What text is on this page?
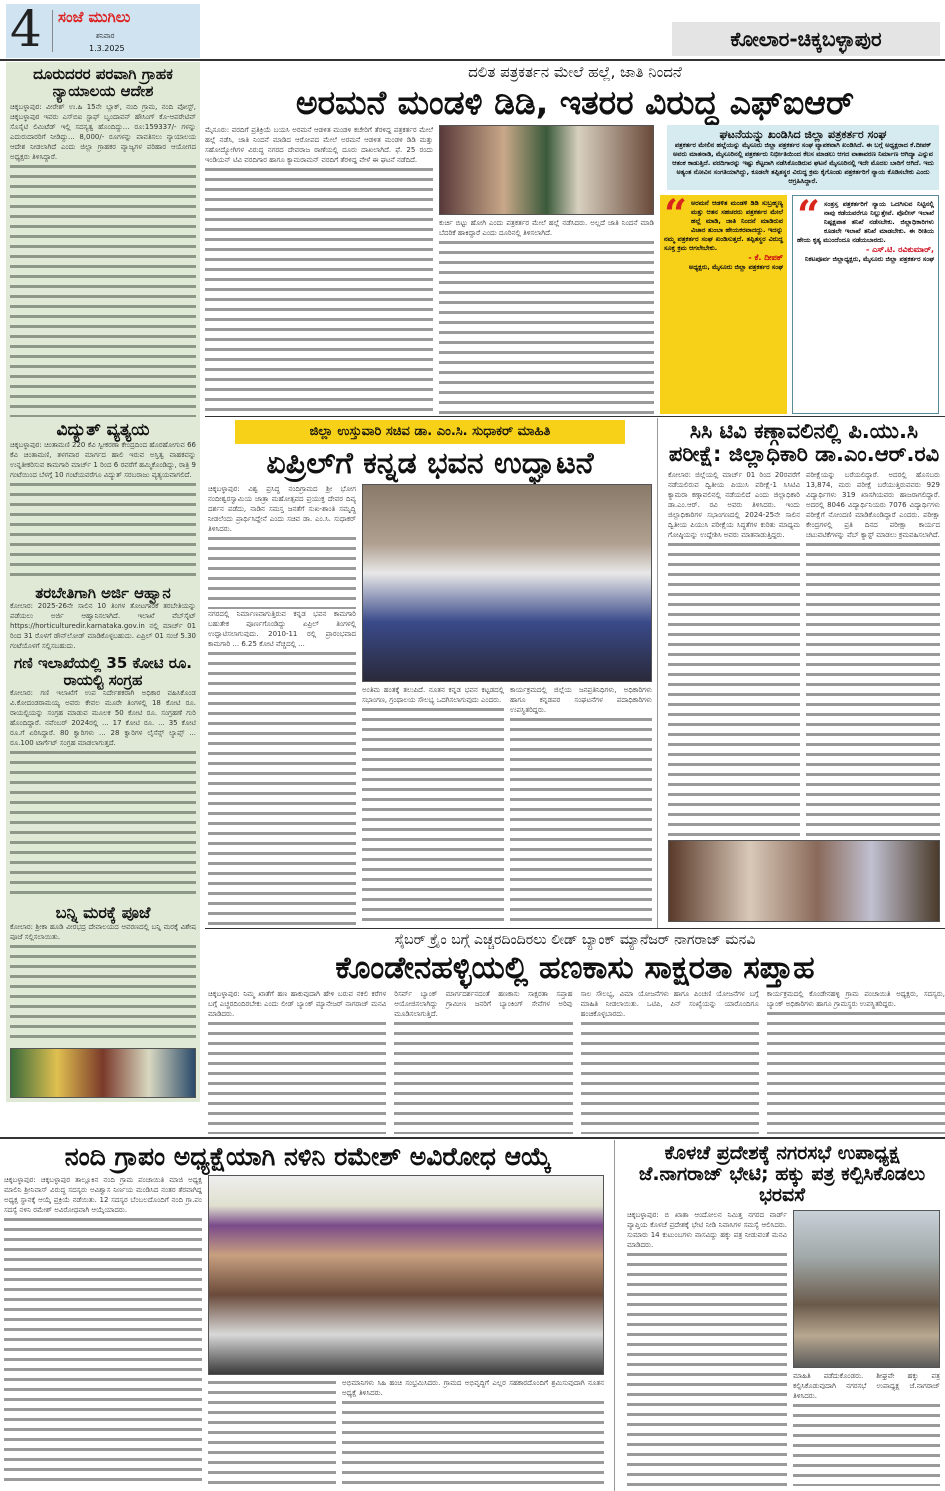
4 ಸಂಜೆ ಮುಗಿಲು
ಶನಿವಾರ
1.3.2025	ಕೋಲಾರ-ಚಿಕ್ಕಬಳ್ಳಾಪುರ
ದೂರುದರರ ಪರವಾಗಿ ಗ್ರಾಹಕ ನ್ಯಾಯಾಲಯ ಆದೇಶ
ಚಿಕ್ಕಬಳ್ಳಾಪುರ: ವೀರೇಶ್ ಉ.ಹಿ 15ನೇ ಬ್ಲಾಕ್, ನಂದಿ ಗ್ರಾಮ, ನಂದಿ ಪೋಸ್ಟ್, ಚಿಕ್ಕಬಳ್ಳಾಪುರ ಇವರು ಎಸ್‌ಬಿಐ ಸ್ಟಾಫ್ ಬೃಂದಾವನ್ ಹೌಸಿಂಗ್ ಕೊ-ಆಪರೇಟಿವ್ ಸೊಸೈಟಿ ಲಿಮಿಟೆಡ್ ಇಲ್ಲಿ ಸದಸ್ಯತ್ವ ಹೊಂದಿದ್ದು... ರೂ:159337/- ಗಳನ್ನು ಎದುರುದಾರರಿಗೆ ನೀಡಿದ್ದು... 8,000/- ರೂಗಳನ್ನು ಪಾವತಿಸಲು ನ್ಯಾಯಾಲಯ ಆದೇಶ ನೀಡಲಾಗಿದೆ ಎಂದು ಜಿಲ್ಲಾ ಗ್ರಾಹಕರ ವ್ಯಾಜ್ಯಗಳ ಪರಿಹಾರ ಆಯೋಗದ ಅಧ್ಯಕ್ಷರು ತಿಳಿಸಿದ್ದಾರೆ.
ವಿದ್ಯುತ್ ವ್ಯತ್ಯಯ
ಚಿಕ್ಕಬಳ್ಳಾಪುರ: ಚಿಂತಾಮಣಿ 220 ಕೆವಿ ಸ್ವೀಕರಣಾ ಕೇಂದ್ರದಿಂದ ಹೊರಹೋಗುವ 66 ಕೆವಿ ಚಿಂತಾಮಣಿ, ತಳಗವಾರ ಮಾರ್ಗದ ಹಾಲಿ ಇರುವ ಅಸ್ತಿತ್ವ ವಾಹಕವನ್ನು ಉನ್ನತೀಕರಿಸುವ ಕಾಮಗಾರಿ ಮಾರ್ಚ್ 1 ರಿಂದ 6 ರವರೆಗೆ ಹಮ್ಮಿಕೊಂಡಿದ್ದು, ರಾತ್ರಿ 9 ಗಂಟೆಯಿಂದ ಬೆಳಗ್ಗೆ 10 ಗಂಟೆಯವರೆಗೂ ವಿದ್ಯುತ್ ಸರಬರಾಜು ವ್ಯತ್ಯಯವಾಗಲಿದೆ.
ತರಬೇತಿಗಾಗಿ ಅರ್ಜಿ ಆಹ್ವಾನ
ಕೋಲಾರ: 2025-26ನೇ ಸಾಲಿನ 10 ತಿಂಗಳ ತೋಟಗಾರಿಕೆ ತರಬೇತಿಯನ್ನು ಪಡೆಯಲು ಅರ್ಜಿ ಆಹ್ವಾನಿಸಲಾಗಿದೆ. ಇಲಾಖೆ ವೆಬ್‌ಸೈಟ್ https://horticulturedir.karnataka.gov.in ನಲ್ಲಿ ಮಾರ್ಚ್ 01 ರಿಂದ 31 ರೊಳಗೆ ಡೌನ್‌ಲೋಡ್ ಮಾಡಿಕೊಳ್ಳಬಹುದು. ಏಪ್ರಿಲ್ 01 ಸಂಜೆ 5.30 ಗಂಟೆಯೊಳಗೆ ಸಲ್ಲಿಸಬಹುದು.
ಗಣಿ ಇಲಾಖೆಯಲ್ಲಿ 35 ಕೋಟಿ ರೂ. ರಾಯಲ್ಟಿ ಸಂಗ್ರಹ
ಕೋಲಾರ: ಗಣಿ ಇಲಾಖೆಗೆ ಉಪ ನಿರ್ದೇಶಕರಾಗಿ ಅಧಿಕಾರ ವಹಿಸಿಕೊಂಡ ವಿ.ಕೋದಂಡರಾಮಯ್ಯ ಅವರು ಕೇವಲ ಮೂರೇ ತಿಂಗಳಲ್ಲಿ 18 ಕೋಟಿ ರೂ. ರಾಯಲ್ಟಿಯನ್ನು ಸಂಗ್ರಹ ಮಾಡುವ ಮೂಲಕ 50 ಕೋಟಿ ರೂ. ಸಂಗ್ರಹಣೆ ಗುರಿ ಹೊಂದಿದ್ದಾರೆ. ನವೆಂಬರ್ 2024ರಲ್ಲಿ ... 17 ಕೋಟಿ ರೂ. ... 35 ಕೋಟಿ ರೂ.ಗೆ ಏರಿಸಿದ್ದಾರೆ. 80 ಕ್ವಾರಿಗಳು ... 28 ಕ್ವಾರಿಗಳ ಲೈಸೆನ್ಸ್ ಲ್ಯಾಪ್ಸ್ ... ರೂ.100 ಟಾರ್ಗೆಟ್ ಸಂಗ್ರಹ ಮಾಡಲಾಗುತ್ತದೆ.
ಬನ್ನಿ ಮರಕ್ಕೆ ಪೂಜೆ
ಕೋಲಾರ: ಶ್ರೀಕಾ ಹೂಡಿ ವೀರಭದ್ರ ದೇವಾಲಯದ ಆವರಣದಲ್ಲಿ ಬನ್ನಿ ಮರಕ್ಕೆ ವಿಶೇಷ ಪೂಜೆ ಸಲ್ಲಿಸಲಾಯಿತು.
ದಲಿತ ಪತ್ರಕರ್ತನ ಮೇಲೆ ಹಲ್ಲೆ, ಜಾತಿ ನಿಂದನೆ
ಅರಮನೆ ಮಂಡಳಿ ಡಿಡಿ, ಇತರರ ವಿರುದ್ಧ ಎಫ್‌ಐಆರ್
ಮೈಸೂರು: ವರದಿಗೆ ಪ್ರತಿಕ್ರಿಯೆ ಬಯಸಿ ಅರಮನೆ ಆಡಳಿತ ಮಂಡಳಿ ಕಚೇರಿಗೆ ತೆರಳಿದ್ದ ಪತ್ರಕರ್ತರ ಮೇಲೆ ಹಲ್ಲೆ ನಡೆಸಿ, ಜಾತಿ ನಿಂದನೆ ಮಾಡಿದ ಆರೋಪದ ಮೇಲೆ ಅರಮನೆ ಆಡಳಿತ ಮಂಡಳಿ ಡಿಡಿ ಮತ್ತು ಸಹೋದ್ಯೋಗಿಗಳ ವಿರುದ್ಧ ನಗರದ ದೇವರಾಜ ಠಾಣೆಯಲ್ಲಿ ದೂರು ದಾಖಲಾಗಿದೆ. ಫೆ. 25 ರಂದು ಇಂಡಿಯನ್ ಟಿವಿ ವರದಿಗಾರ ಹಾಗೂ ಕ್ಯಾಮರಾಮನ್ ವರದಿಗೆ ತೆರಳಿದ್ದ ವೇಳೆ ಈ ಘಟನೆ ನಡೆದಿದೆ.
ಕುರ್ಚಿ ಬಿಟ್ಟು ಹೋಗಿ ಎಂದು ಪತ್ರಕರ್ತರ ಮೇಲೆ ಹಲ್ಲೆ ನಡೆಸಿದರು. ಅಲ್ಲದೆ ಜಾತಿ ನಿಂದನೆ ಮಾಡಿ ಬೆದರಿಕೆ ಹಾಕಿದ್ದಾರೆ ಎಂದು ದೂರಿನಲ್ಲಿ ತಿಳಿಸಲಾಗಿದೆ.
ಘಟನೆಯನ್ನು ಖಂಡಿಸಿದ ಜಿಲ್ಲಾ ಪತ್ರಕರ್ತರ ಸಂಘ
ಪತ್ರಕರ್ತರ ಮೇಲಿನ ಹಲ್ಲೆಯನ್ನು ಮೈಸೂರು ಜಿಲ್ಲಾ ಪತ್ರಕರ್ತರ ಸಂಘ ವ್ಯಾಪಕವಾಗಿ ಖಂಡಿಸಿದೆ. ಈ ಬಗ್ಗೆ ಅಧ್ಯಕ್ಷರಾದ ಕೆ.ದೀಪಕ್ ಅವರು ಮಾತನಾಡಿ, ಮೈಸೂರಿನಲ್ಲಿ ಪತ್ರಕರ್ತರು ನಿರ್ಭೀತಿಯಿಂದ ಕೆಲಸ ಮಾಡಲು ಆಗದ ವಾತಾವರಣ ನಿರ್ಮಾಣ ಆಗಿದ್ಯಾ ಎನ್ನುವ ಆತಂಕ ಕಾಡುತ್ತಿದೆ. ವರದಿಗಾರನ್ನು ಇಷ್ಟು ಕೆಟ್ಟದಾಗಿ ನಡೆಸಿಕೊಂಡಿರುವ ಘಟನೆ ಮೈಸೂರಿನಲ್ಲಿ ಇದೇ ಮೊದಲ ಬಾರಿಗೆ ಆಗಿದೆ. ಇದು ಅತ್ಯಂತ ನೋವಿನ ಸಂಗತಿಯಾಗಿದ್ದು, ಕೂಡಲೇ ತಪ್ಪಿತಸ್ಥರ ವಿರುದ್ಧ ಕ್ರಮ ಕೈಗೊಂಡು ಪತ್ರಕರ್ತರಿಗೆ ನ್ಯಾಯ ಕೊಡಿಸಬೇಕು ಎಂದು ಆಗ್ರಹಿಸಿದ್ದಾರೆ.
“ ಅರಮನೆ ಆಡಳಿತ ಮಂಡಳಿ ಡಿಡಿ ಸುಬ್ರಹ್ಮಣ್ಯ ಮತ್ತು ಆತನ ಸಹಚರರು ಪತ್ರಕರ್ತರ ಮೇಲೆ ಹಲ್ಲೆ ಮಾಡಿ, ಜಾತಿ ನಿಂದನೆ ಮಾಡಿರುವ ವಿಚಾರ ತುಂಬಾ ಹೇಯಕರವಾದದ್ದು. ಇದನ್ನು ನಮ್ಮ ಪತ್ರಕರ್ತರ ಸಂಘ ಖಂಡಿಸುತ್ತದೆ. ತಪ್ಪಿತಸ್ಥರ ವಿರುದ್ಧ ಸೂಕ್ತ ಕ್ರಮ ಆಗಲೇಬೇಕು.
- ಕೆ. ದೀಪಕ್
ಅಧ್ಯಕ್ಷರು, ಮೈಸೂರು ಜಿಲ್ಲಾ ಪತ್ರಕರ್ತರ ಸಂಘ
“ ಸಂತ್ರಸ್ತ ಪತ್ರಕರ್ತರಿಗೆ ನ್ಯಾಯ ಒದಗಿಸುವ ನಿಟ್ಟಿನಲ್ಲಿ ನಾವು ಕಡೆಯವರೆಗೂ ನಿಲ್ಲುತ್ತೇವೆ. ಪೊಲೀಸ್ ಇಲಾಖೆ ನಿಷ್ಪಕ್ಷಪಾತ ತನಿಖೆ ನಡೆಸಬೇಕು. ಜಿಲ್ಲಾಧಿಕಾರಿಗಳು ಕೂಡಲೇ ಇಲಾಖೆ ತನಿಖೆ ಮಾಡಬೇಕು. ಈ ರೀತಿಯ ಹೇಯ ಕೃತ್ಯ ಮುಂದೆಂದೂ ನಡೆಯಬಾರದು.
- ಎಸ್.ಟಿ. ರವಿಕುಮಾರ್,
ನಿಕಟಪೂರ್ವ ಜಿಲ್ಲಾಧ್ಯಕ್ಷರು, ಮೈಸೂರು ಜಿಲ್ಲಾ ಪತ್ರಕರ್ತರ ಸಂಘ
ಜಿಲ್ಲಾ ಉಸ್ತುವಾರಿ ಸಚಿವ ಡಾ. ಎಂ.ಸಿ. ಸುಧಾಕರ್ ಮಾಹಿತಿ
ಏಪ್ರಿಲ್‌ಗೆ ಕನ್ನಡ ಭವನ ಉದ್ಘಾಟನೆ
ಚಿಕ್ಕಬಳ್ಳಾಪುರ: ವಿಶ್ವ ಪ್ರಸಿದ್ಧ ನಂದಿಗ್ರಾಮದ ಶ್ರೀ ಭೋಗ ನಂದೀಶ್ವರಸ್ವಾಮಿಯ ಜಾತ್ರಾ ಮಹೋತ್ಸವದ ಪ್ರಯುಕ್ತ ದೇವರ ದಿವ್ಯ ದರ್ಶನ ಪಡೆದು, ನಾಡಿನ ಸಮಸ್ತ ಜನತೆಗೆ ಸುಖ-ಶಾಂತಿ ಸಮೃದ್ಧಿ ನೀಡಲೆಂದು ಪ್ರಾರ್ಥಿಸಿದ್ದೇನೆ ಎಂದು ಸಚಿವ ಡಾ. ಎಂ.ಸಿ. ಸುಧಾಕರ್ ತಿಳಿಸಿದರು.
ನಗರದಲ್ಲಿ ನಿರ್ಮಾಣವಾಗುತ್ತಿರುವ ಕನ್ನಡ ಭವನ ಕಾಮಗಾರಿ ಬಹುತೇಕ ಪೂರ್ಣಗೊಂಡಿದ್ದು ಏಪ್ರಿಲ್ ತಿಂಗಳಲ್ಲಿ ಉದ್ಘಾಟಿಸಲಾಗುವುದು. 2010-11 ರಲ್ಲಿ ಪ್ರಾರಂಭವಾದ ಕಾಮಗಾರಿ ... 6.25 ಕೋಟಿ ವೆಚ್ಚದಲ್ಲಿ ...
ಅಂತಿಮ ಹಂತಕ್ಕೆ ತಲುಪಿದೆ. ನೂತನ ಕನ್ನಡ ಭವನ ಕಟ್ಟಡದಲ್ಲಿ ಸಭಾಂಗಣ, ಗ್ರಂಥಾಲಯ ಸೌಲಭ್ಯ ಒದಗಿಸಲಾಗುವುದು ಎಂದರು.
ಕಾರ್ಯಕ್ರಮದಲ್ಲಿ ಜಿಲ್ಲೆಯ ಜನಪ್ರತಿನಿಧಿಗಳು, ಅಧಿಕಾರಿಗಳು ಹಾಗೂ ಕನ್ನಡಪರ ಸಂಘಟನೆಗಳ ಪದಾಧಿಕಾರಿಗಳು ಉಪಸ್ಥಿತರಿದ್ದರು.
ಸಿಸಿ ಟಿವಿ ಕಣ್ಗಾವಲಿನಲ್ಲಿ ಪಿ.ಯು.ಸಿ ಪರೀಕ್ಷೆ: ಜಿಲ್ಲಾಧಿಕಾರಿ ಡಾ.ಎಂ.ಆರ್.ರವಿ
ಕೋಲಾರ: ಜಿಲ್ಲೆಯಲ್ಲಿ ಮಾರ್ಚ್ 01 ರಿಂದ 20ರವರೆಗೆ ನಡೆಯಲಿರುವ ದ್ವಿತೀಯ ಪಿಯುಸಿ ಪರೀಕ್ಷೆ-1 ಸಿಸಿಟಿವಿ ಕ್ಯಾಮರಾ ಕಣ್ಗಾವಲಿನಲ್ಲಿ ನಡೆಯಲಿದೆ ಎಂದು ಜಿಲ್ಲಾಧಿಕಾರಿ ಡಾ.ಎಂ.ಆರ್. ರವಿ ಅವರು ತಿಳಿಸಿದರು. ಇಂದು ಜಿಲ್ಲಾಧಿಕಾರಿಗಳ ಸಭಾಂಗಣದಲ್ಲಿ 2024-25ನೇ ಸಾಲಿನ ದ್ವಿತೀಯ ಪಿಯುಸಿ ಪರೀಕ್ಷೆಯ ಸಿದ್ಧತೆಗಳ ಕುರಿತು ಮಾಧ್ಯಮ ಗೋಷ್ಠಿಯನ್ನು ಉದ್ದೇಶಿಸಿ ಅವರು ಮಾತನಾಡುತ್ತಿದ್ದರು.
ಪರೀಕ್ಷೆಯನ್ನು ಬರೆಯಲಿದ್ದಾರೆ. ಅದರಲ್ಲಿ ಹೊಸಬರು 13,874, ಮರು ಪರೀಕ್ಷೆ ಬರೆಯುತ್ತಿರುವವರು 929 ವಿದ್ಯಾರ್ಥಿಗಳು 319 ಖಾಸಗಿಯವರು ಹಾಜರಾಗಲಿದ್ದಾರೆ. ಅದರಲ್ಲಿ 8046 ವಿದ್ಯಾರ್ಥಿನಿಯರು 7076 ವಿದ್ಯಾರ್ಥಿಗಳು ಪರೀಕ್ಷೆಗೆ ನೋಂದಣಿ ಮಾಡಿಕೊಂಡಿದ್ದಾರೆ ಎಂದರು. ಪರೀಕ್ಷಾ ಕೇಂದ್ರಗಳಲ್ಲಿ ಪ್ರತಿ ದಿನದ ಪರೀಕ್ಷಾ ಕಾರ್ಯದ ಚಟುವಟಿಕೆಗಳನ್ನು ವೆಬ್ ಕ್ಯಾಸ್ಟ್ ಮಾಡಲು ಕ್ರಮವಹಿಸಲಾಗಿದೆ.
ಸೈಬರ್ ಕ್ರೈಂ ಬಗ್ಗೆ ಎಚ್ಚರದಿಂದಿರಲು ಲೀಡ್ ಬ್ಯಾಂಕ್ ಮ್ಯಾನೆಜರ್ ನಾಗರಾಜ್ ಮನವಿ
ಕೊಂಡೇನಹಳ್ಳಿಯಲ್ಲಿ ಹಣಕಾಸು ಸಾಕ್ಷರತಾ ಸಪ್ತಾಹ
ಚಿಕ್ಕಬಳ್ಳಾಪುರ: ನಿಮ್ಮ ಖಾತೆಗೆ ಹಣ ಹಾಕುವುದಾಗಿ ಹೇಳಿ ಬರುವ ನಕಲಿ ಕರೆಗಳ ಬಗ್ಗೆ ಎಚ್ಚರದಿಂದಿರಬೇಕು ಎಂದು ಲೀಡ್ ಬ್ಯಾಂಕ್ ಮ್ಯಾನೇಜರ್ ನಾಗರಾಜ್ ಮನವಿ ಮಾಡಿದರು.
ರಿಸರ್ವ್ ಬ್ಯಾಂಕ್ ಮಾರ್ಗದರ್ಶನದಂತೆ ಹಣಕಾಸು ಸಾಕ್ಷರತಾ ಸಪ್ತಾಹ ಆಯೋಜಿಸಲಾಗಿದ್ದು ಗ್ರಾಮೀಣ ಜನರಿಗೆ ಬ್ಯಾಂಕಿಂಗ್ ಸೇವೆಗಳ ಅರಿವು ಮೂಡಿಸಲಾಗುತ್ತಿದೆ.
ಸಾಲ ಸೌಲಭ್ಯ, ವಿಮಾ ಯೋಜನೆಗಳು ಹಾಗೂ ಪಿಂಚಣಿ ಯೋಜನೆಗಳ ಬಗ್ಗೆ ಮಾಹಿತಿ ನೀಡಲಾಯಿತು. ಒಟಿಪಿ, ಪಿನ್ ಸಂಖ್ಯೆಯನ್ನು ಯಾರೊಂದಿಗೂ ಹಂಚಿಕೊಳ್ಳಬಾರದು.
ಕಾರ್ಯಕ್ರಮದಲ್ಲಿ ಕೊಂಡೇನಹಳ್ಳಿ ಗ್ರಾಮ ಪಂಚಾಯಿತಿ ಅಧ್ಯಕ್ಷರು, ಸದಸ್ಯರು, ಬ್ಯಾಂಕ್ ಅಧಿಕಾರಿಗಳು ಹಾಗೂ ಗ್ರಾಮಸ್ಥರು ಉಪಸ್ಥಿತರಿದ್ದರು.
ನಂದಿ ಗ್ರಾಪಂ ಅಧ್ಯಕ್ಷೆಯಾಗಿ ನಳಿನಿ ರಮೇಶ್ ಅವಿರೋಧ ಆಯ್ಕೆ
ಚಿಕ್ಕಬಳ್ಳಾಪುರ: ಚಿಕ್ಕಬಳ್ಳಾಪುರ ತಾಲ್ಲೂಕಿನ ನಂದಿ ಗ್ರಾಮ ಪಂಚಾಯಿತಿ ಮಾಜಿ ಅಧ್ಯಕ್ಷ ಮಾಲಿನಿ ಶ್ರೀನಿವಾಸ್ ವಿರುದ್ಧ ಸದಸ್ಯರು ಅವಿಶ್ವಾಸ ನಿರ್ಣಯ ಮಂಡಿಸಿದ ನಂತರ ತೆರವಾಗಿದ್ದ ಅಧ್ಯಕ್ಷ ಸ್ಥಾನಕ್ಕೆ ಆಯ್ಕೆ ಪ್ರಕ್ರಿಯೆ ನಡೆಯಿತು. 12 ಸದಸ್ಯರ ಬೆಂಬಲದೊಂದಿಗೆ ನಂದಿ ಗ್ರಾ.ಪಂ ಸದಸ್ಯೆ ನಳಿನಿ ರಮೇಶ್ ಅವಿರೋಧವಾಗಿ ಆಯ್ಕೆಯಾದರು.
ಅಭಿಮಾನಿಗಳು ಸಿಹಿ ಹಂಚಿ ಸಂಭ್ರಮಿಸಿದರು. ಗ್ರಾಮದ ಅಭಿವೃದ್ಧಿಗೆ ಎಲ್ಲರ ಸಹಕಾರದೊಂದಿಗೆ ಶ್ರಮಿಸುವುದಾಗಿ ನೂತನ ಅಧ್ಯಕ್ಷೆ ತಿಳಿಸಿದರು.
ಕೊಳಚೆ ಪ್ರದೇಶಕ್ಕೆ ನಗರಸಭೆ ಉಪಾಧ್ಯಕ್ಷ ಜೆ.ನಾಗರಾಜ್ ಭೇಟಿ; ಹಕ್ಕು ಪತ್ರ ಕಲ್ಪಿಸಿಕೊಡಲು ಭರವಸೆ
ಚಿಕ್ಕಬಳ್ಳಾಪುರ: ಬಿ ಖಾತಾ ಆಂದೋಲನ ನಿಮಿತ್ತ ನಗರದ ವಾರ್ಡ್ ವ್ಯಾಪ್ತಿಯ ಕೊಳಚೆ ಪ್ರದೇಶಕ್ಕೆ ಭೇಟಿ ನೀಡಿ ನಿವಾಸಿಗಳ ಸಮಸ್ಯೆ ಆಲಿಸಿದರು. ಸುಮಾರು 14 ಕುಟುಂಬಗಳು ವಾಸವಿದ್ದು ಹಕ್ಕು ಪತ್ರ ನೀಡುವಂತೆ ಮನವಿ ಮಾಡಿದರು.
ಮಾಹಿತಿ ಪಡೆದುಕೊಂಡರು. ಶೀಘ್ರವೇ ಹಕ್ಕು ಪತ್ರ ಕಲ್ಪಿಸಿಕೊಡುವುದಾಗಿ ನಗರಸಭೆ ಉಪಾಧ್ಯಕ್ಷ ಜೆ.ನಾಗರಾಜ್ ತಿಳಿಸಿದರು.
